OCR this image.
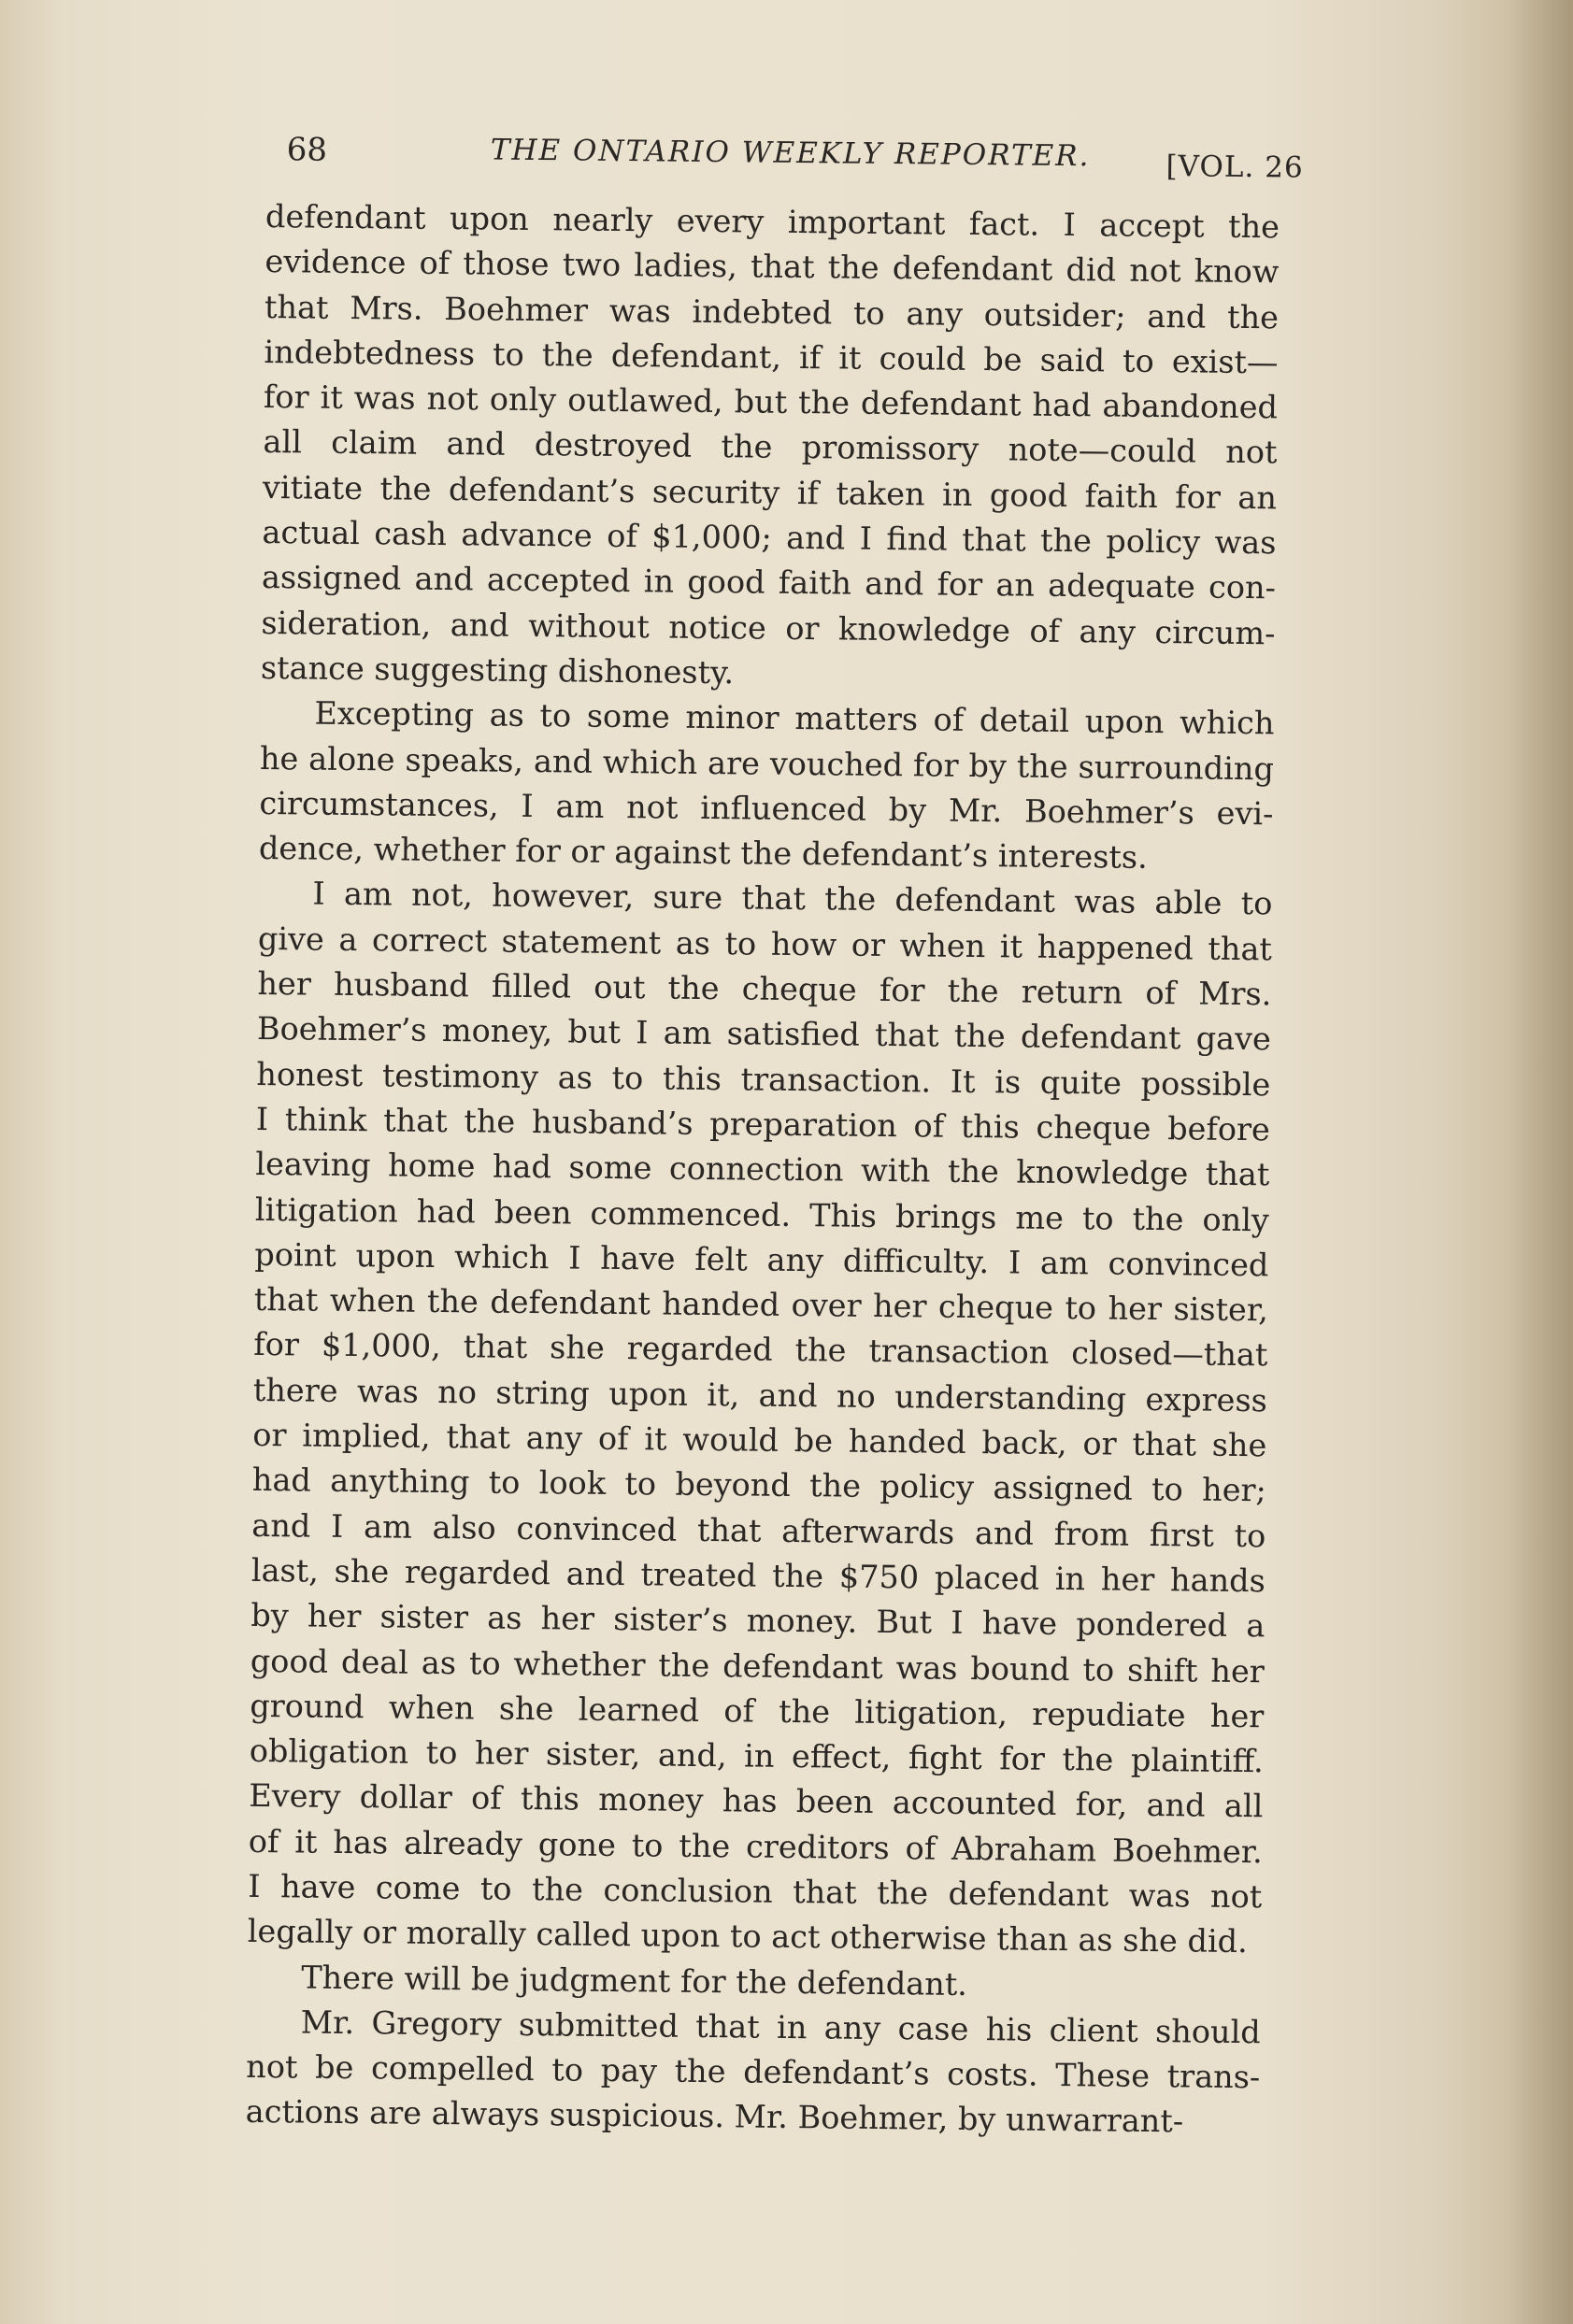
68	THE ONTARIO WEEKLY REPORTER.	[VOL. 26
defendant upon nearly every important fact. I accept the
evidence of those two ladies, that the defendant did not know
that Mrs. Boehmer was indebted to any outsider; and the
indebtedness to the defendant, if it could be said to exist—
for it was not only outlawed, but the defendant had abandoned
all claim and destroyed the promissory note—could not
vitiate the defendant’s security if taken in good faith for an
actual cash advance of $1,000; and I find that the policy was
assigned and accepted in good faith and for an adequate con-
sideration, and without notice or knowledge of any circum-
stance suggesting dishonesty.
Excepting as to some minor matters of detail upon which
he alone speaks, and which are vouched for by the surrounding
circumstances, I am not influenced by Mr. Boehmer’s evi-
dence, whether for or against the defendant’s interests.
I am not, however, sure that the defendant was able to
give a correct statement as to how or when it happened that
her husband filled out the cheque for the return of Mrs.
Boehmer’s money, but I am satisfied that the defendant gave
honest testimony as to this transaction. It is quite possible
I think that the husband’s preparation of this cheque before
leaving home had some connection with the knowledge that
litigation had been commenced. This brings me to the only
point upon which I have felt any difficulty. I am convinced
that when the defendant handed over her cheque to her sister,
for $1,000, that she regarded the transaction closed—that
there was no string upon it, and no understanding express
or implied, that any of it would be handed back, or that she
had anything to look to beyond the policy assigned to her;
and I am also convinced that afterwards and from first to
last, she regarded and treated the $750 placed in her hands
by her sister as her sister’s money. But I have pondered a
good deal as to whether the defendant was bound to shift her
ground when she learned of the litigation, repudiate her
obligation to her sister, and, in effect, fight for the plaintiff.
Every dollar of this money has been accounted for, and all
of it has already gone to the creditors of Abraham Boehmer.
I have come to the conclusion that the defendant was not
legally or morally called upon to act otherwise than as she did.
There will be judgment for the defendant.
Mr. Gregory submitted that in any case his client should
not be compelled to pay the defendant’s costs. These trans-
actions are always suspicious. Mr. Boehmer, by unwarrant-
